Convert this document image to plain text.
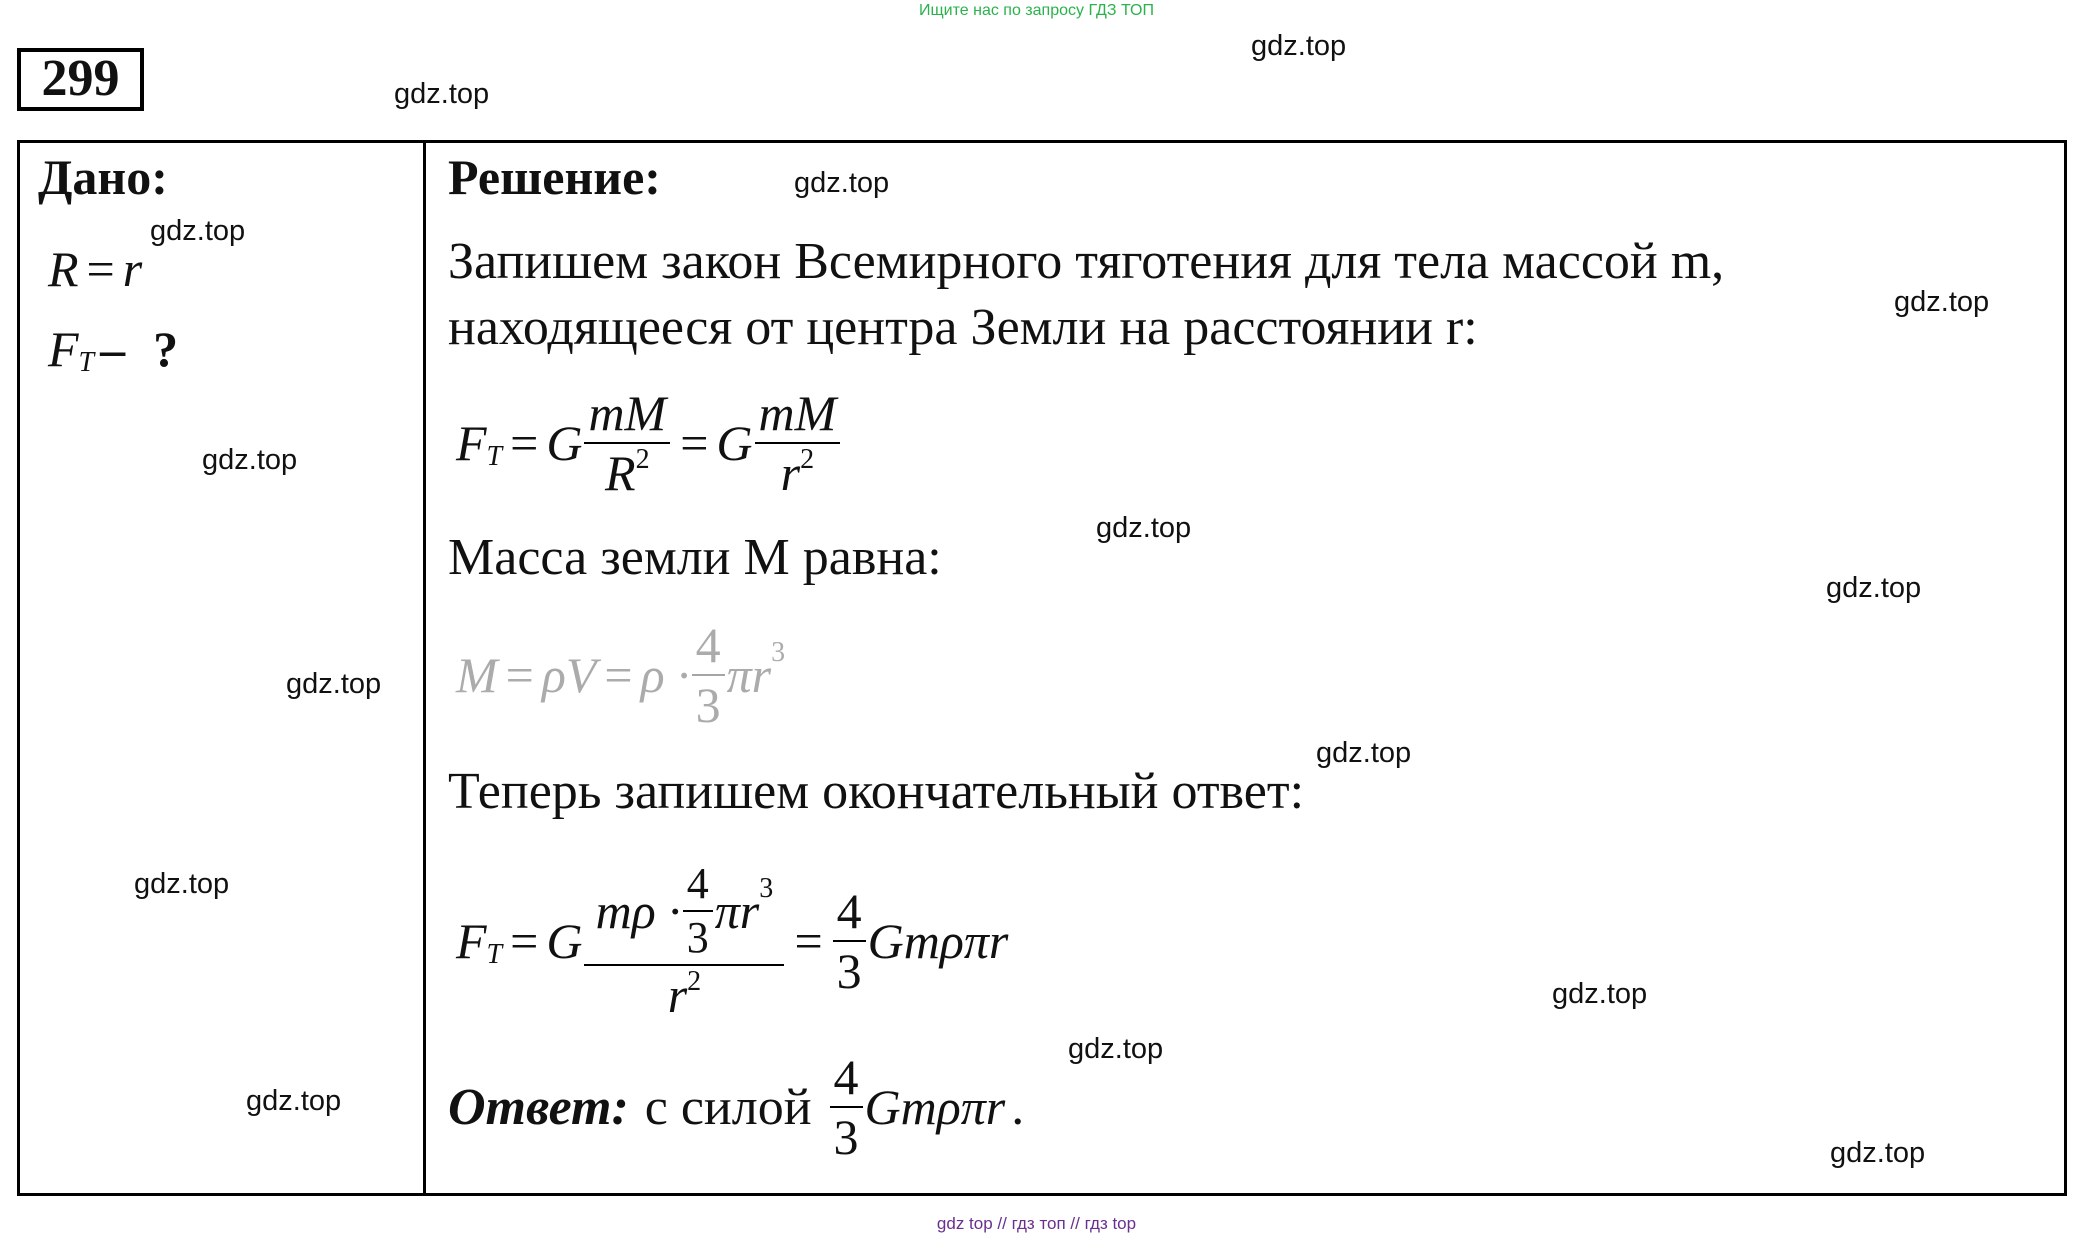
Ищите нас по запросу ГДЗ ТОП
299
Дано:
R = r
F T – ?
Решение:
Запишем закон Всемирного тяготения для тела массой m,
находящееся от центра Земли на расстоянии r:
F T = G $\frac{mM}{R^2} = G \frac{mM}{r^2}$
Масса земли M равна:
$M = \rho V = \rho \cdot \frac{4}{3}$ πr 3
Теперь запишем окончательный ответ:
F T = G $\frac{m\rho \cdot \frac{4}{3} \pi r 3}{r^2} = \frac{4}{3}$ Gmρπr
Ответ: с силой $\frac{4}{3}$ Gmρπr .
gdz.top
gdz.top
gdz.top
gdz.top
gdz.top
gdz.top
gdz.top
gdz.top
gdz.top
gdz.top
gdz.top
gdz.top
gdz.top
gdz.top
gdz.top
gdz top // гдз топ // гдз top
